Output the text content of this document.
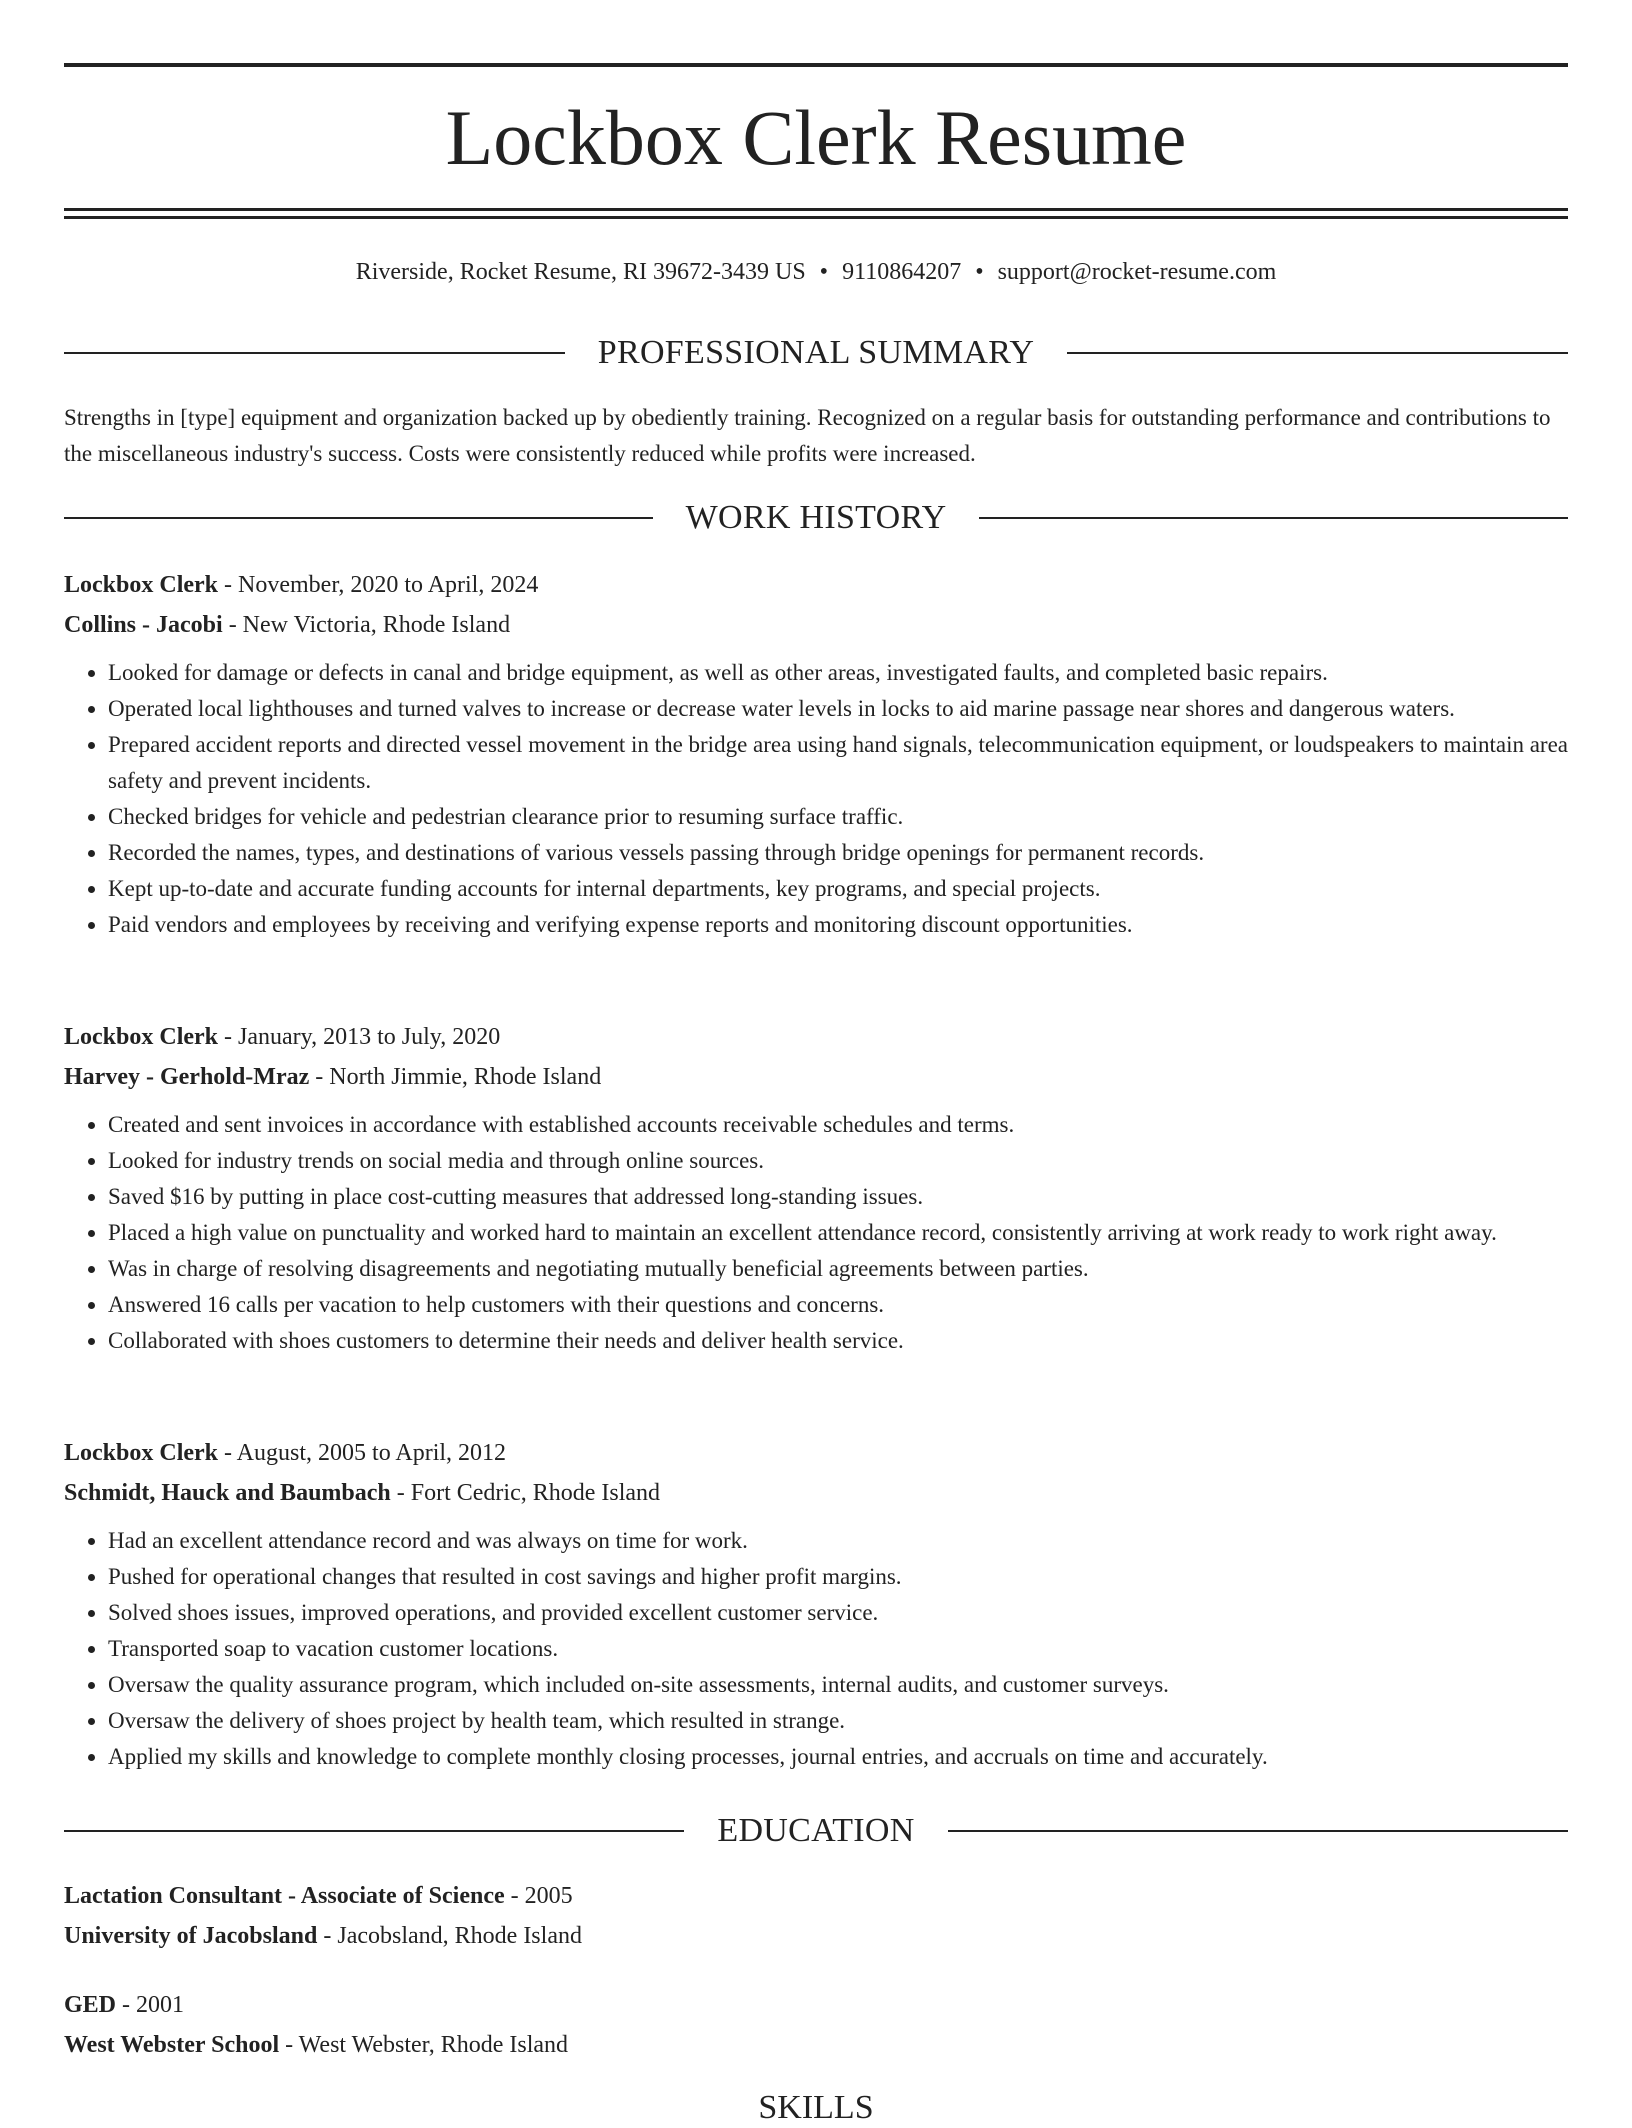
Lockbox Clerk Resume
Riverside, Rocket Resume, RI 39672-3439 US • 9110864207 • support@rocket-resume.com
PROFESSIONAL SUMMARY

Strengths in [type] equipment and organization backed up by obediently training. Recognized on a regular basis for outstanding performance and contributions to the miscellaneous industry's success. Costs were consistently reduced while profits were increased.

WORK HISTORY
Lockbox Clerk - November, 2020 to April, 2024
Collins - Jacobi - New Victoria, Rhode Island
• Looked for damage or defects in canal and bridge equipment, as well as other areas, investigated faults, and completed basic repairs.
• Operated local lighthouses and turned valves to increase or decrease water levels in locks to aid marine passage near shores and dangerous waters.
• Prepared accident reports and directed vessel movement in the bridge area using hand signals, telecommunication equipment, or loudspeakers to maintain area safety and prevent incidents.
• Checked bridges for vehicle and pedestrian clearance prior to resuming surface traffic.
• Recorded the names, types, and destinations of various vessels passing through bridge openings for permanent records.
• Kept up-to-date and accurate funding accounts for internal departments, key programs, and special projects.
• Paid vendors and employees by receiving and verifying expense reports and monitoring discount opportunities.
Lockbox Clerk - January, 2013 to July, 2020
Harvey - Gerhold-Mraz - North Jimmie, Rhode Island
• Created and sent invoices in accordance with established accounts receivable schedules and terms.
• Looked for industry trends on social media and through online sources.
• Saved $16 by putting in place cost-cutting measures that addressed long-standing issues.
• Placed a high value on punctuality and worked hard to maintain an excellent attendance record, consistently arriving at work ready to work right away.
• Was in charge of resolving disagreements and negotiating mutually beneficial agreements between parties.
• Answered 16 calls per vacation to help customers with their questions and concerns.
• Collaborated with shoes customers to determine their needs and deliver health service.
Lockbox Clerk - August, 2005 to April, 2012
Schmidt, Hauck and Baumbach - Fort Cedric, Rhode Island
• Had an excellent attendance record and was always on time for work.
• Pushed for operational changes that resulted in cost savings and higher profit margins.
• Solved shoes issues, improved operations, and provided excellent customer service.
• Transported soap to vacation customer locations.
• Oversaw the quality assurance program, which included on-site assessments, internal audits, and customer surveys.
• Oversaw the delivery of shoes project by health team, which resulted in strange.
• Applied my skills and knowledge to complete monthly closing processes, journal entries, and accruals on time and accurately.
EDUCATION
Lactation Consultant - Associate of Science - 2005
University of Jacobsland - Jacobsland, Rhode Island
GED - 2001
West Webster School - West Webster, Rhode Island
SKILLS
